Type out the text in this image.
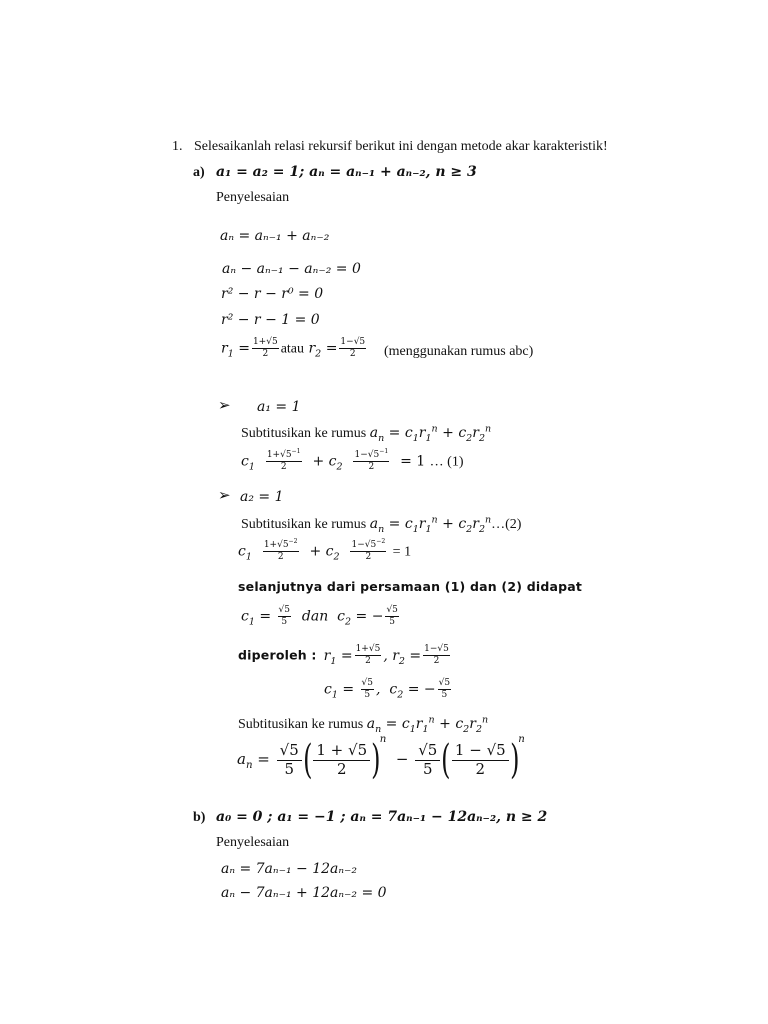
1. Selesaikanlah relasi rekursif berikut ini dengan metode akar karakteristik!
a) a₁ = a₂ = 1; aₙ = aₙ₋₁ + aₙ₋₂, n ≥ 3
Penyelesaian
aₙ = aₙ₋₁ + aₙ₋₂
aₙ − aₙ₋₁ − aₙ₋₂ = 0
r² − r − r⁰ = 0
r² − r − 1 = 0
$r_1 = \frac{1+√5}{2}$ atau $r_2 = \frac{1-√5}{2}$ (menggunakan rumus abc)
➢ a₁ = 1
Subtitusikan ke rumus $a_n = c_1r_1^n + c_2r_2^n$
$c_1 \frac{1+√5^{-1}}{2} + c_2 \frac{1-√5^{-1}}{2} = 1$ … (1)
➢ a₂ = 1
Subtitusikan ke rumus $a_n = c_1r_1^n$ + $c_2r_2^n\dots(2)$
$c_1 \frac{1+√5^{-2}}{2} + c_2 \frac{1-√5^{-2}}{2} = 1$
selanjutnya dari persamaan (1) dan (2) didapat
$c_1 = \frac{√5}{5}$ dan  $c_2$ = − $\frac{√5}{5}$
diperoleh : $r_1 = \frac{1+√5}{2}$ , $r_2 = \frac{1-√5}{2}$
$c_1 = \frac{√5}{5}$ ,  $c_2$ = − $\frac{√5}{5}$
Subtitusikan ke rumus $a_n = c_1r_1^n + c_2r_2^n$
$a_n = \frac{√5}{5}$ ( $\frac{1 + √5}{2} )^n - \frac{√5}{5}$ ( $\frac{1 - √5}{2} )^n$
b) a₀ = 0 ; a₁ = −1 ; aₙ = 7aₙ₋₁ − 12aₙ₋₂, n ≥ 2
Penyelesaian
aₙ = 7aₙ₋₁ − 12aₙ₋₂
aₙ − 7aₙ₋₁ + 12aₙ₋₂ = 0
